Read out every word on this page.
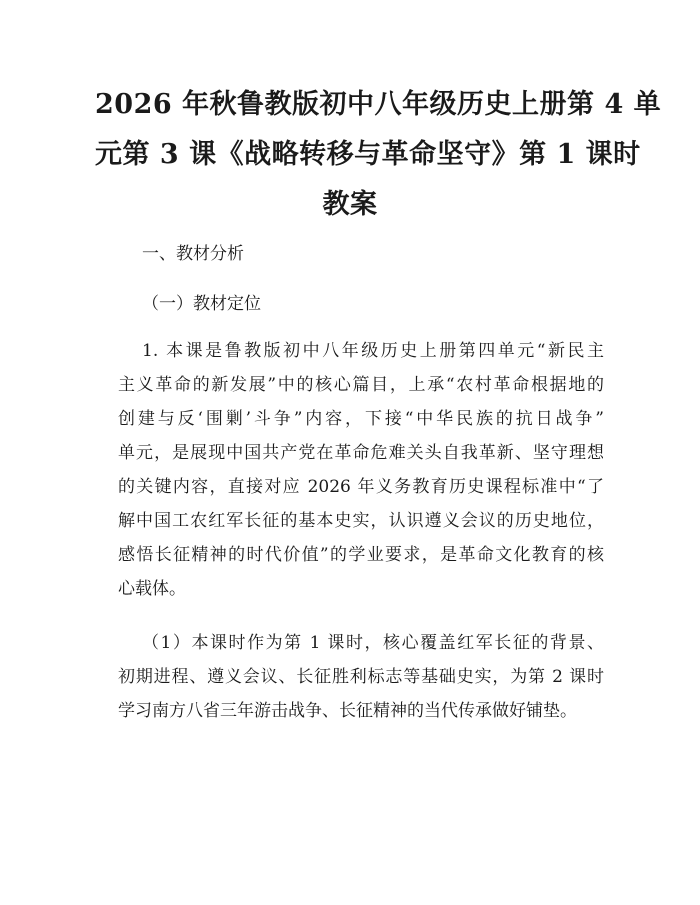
2026 年秋鲁教版初中八年级历史上册第 4 单
元第 3 课《战略转移与革命坚守》第 1 课时
教案
一、教材分析
（一）教材定位
1. 本课是鲁教版初中八年级历史上册第四单元“新民主
主义革命的新发展”中的核心篇目，上承“农村革命根据地的
创建与反‘围剿’斗争”内容，下接“中华民族的抗日战争”
单元，是展现中国共产党在革命危难关头自我革新、坚守理想
的关键内容，直接对应 2026 年义务教育历史课程标准中“了
解中国工农红军长征的基本史实，认识遵义会议的历史地位，
感悟长征精神的时代价值”的学业要求，是革命文化教育的核
心载体。
（1）本课时作为第 1 课时，核心覆盖红军长征的背景、
初期进程、遵义会议、长征胜利标志等基础史实，为第 2 课时
学习南方八省三年游击战争、长征精神的当代传承做好铺垫。
